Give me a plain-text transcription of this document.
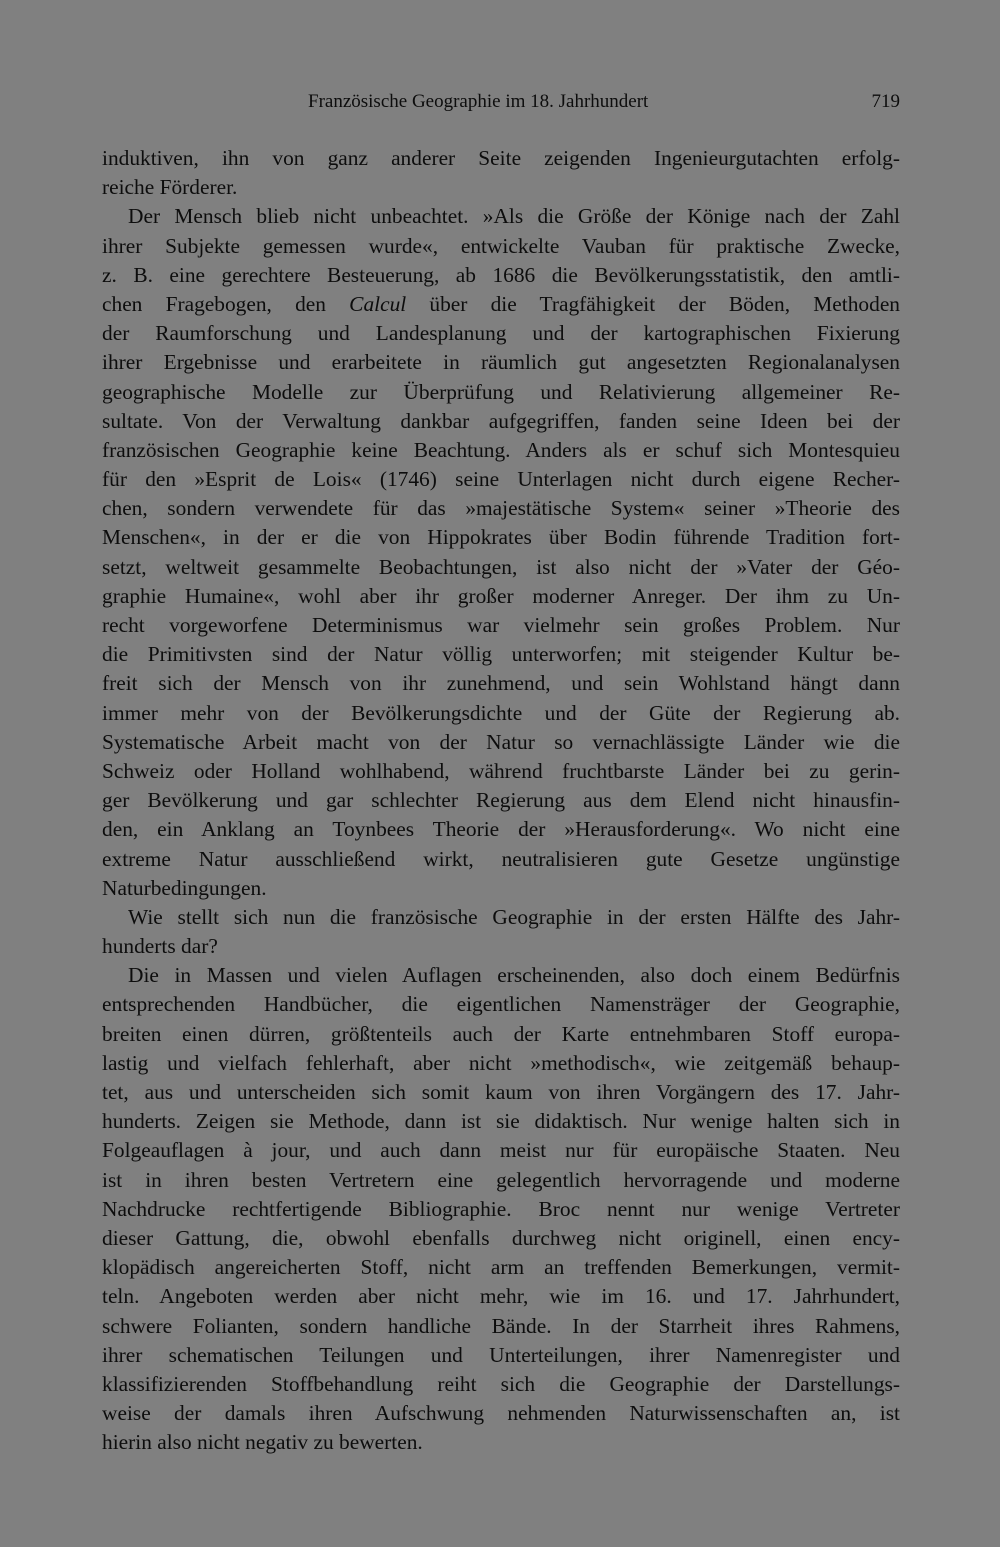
Französische Geographie im 18. Jahrhundert	719
induktiven, ihn von ganz anderer Seite zeigenden Ingenieurgutachten erfolg-
reiche Förderer.
Der Mensch blieb nicht unbeachtet. »Als die Größe der Könige nach der Zahl
ihrer Subjekte gemessen wurde«, entwickelte Vauban für praktische Zwecke,
z. B. eine gerechtere Besteuerung, ab 1686 die Bevölkerungsstatistik, den amtli-
chen Fragebogen, den Calcul über die Tragfähigkeit der Böden, Methoden
der Raumforschung und Landesplanung und der kartographischen Fixierung
ihrer Ergebnisse und erarbeitete in räumlich gut angesetzten Regionalanalysen
geographische Modelle zur Überprüfung und Relativierung allgemeiner Re-
sultate. Von der Verwaltung dankbar aufgegriffen, fanden seine Ideen bei der
französischen Geographie keine Beachtung. Anders als er schuf sich Montesquieu
für den »Esprit de Lois« (1746) seine Unterlagen nicht durch eigene Recher-
chen, sondern verwendete für das »majestätische System« seiner »Theorie des
Menschen«, in der er die von Hippokrates über Bodin führende Tradition fort-
setzt, weltweit gesammelte Beobachtungen, ist also nicht der »Vater der Géo-
graphie Humaine«, wohl aber ihr großer moderner Anreger. Der ihm zu Un-
recht vorgeworfene Determinismus war vielmehr sein großes Problem. Nur
die Primitivsten sind der Natur völlig unterworfen; mit steigender Kultur be-
freit sich der Mensch von ihr zunehmend, und sein Wohlstand hängt dann
immer mehr von der Bevölkerungsdichte und der Güte der Regierung ab.
Systematische Arbeit macht von der Natur so vernachlässigte Länder wie die
Schweiz oder Holland wohlhabend, während fruchtbarste Länder bei zu gerin-
ger Bevölkerung und gar schlechter Regierung aus dem Elend nicht hinausfin-
den, ein Anklang an Toynbees Theorie der »Herausforderung«. Wo nicht eine
extreme Natur ausschließend wirkt, neutralisieren gute Gesetze ungünstige
Naturbedingungen.
Wie stellt sich nun die französische Geographie in der ersten Hälfte des Jahr-
hunderts dar?
Die in Massen und vielen Auflagen erscheinenden, also doch einem Bedürfnis
entsprechenden Handbücher, die eigentlichen Namensträger der Geographie,
breiten einen dürren, größtenteils auch der Karte entnehmbaren Stoff europa-
lastig und vielfach fehlerhaft, aber nicht »methodisch«, wie zeitgemäß behaup-
tet, aus und unterscheiden sich somit kaum von ihren Vorgängern des 17. Jahr-
hunderts. Zeigen sie Methode, dann ist sie didaktisch. Nur wenige halten sich in
Folgeauflagen à jour, und auch dann meist nur für europäische Staaten. Neu
ist in ihren besten Vertretern eine gelegentlich hervorragende und moderne
Nachdrucke rechtfertigende Bibliographie. Broc nennt nur wenige Vertreter
dieser Gattung, die, obwohl ebenfalls durchweg nicht originell, einen ency-
klopädisch angereicherten Stoff, nicht arm an treffenden Bemerkungen, vermit-
teln. Angeboten werden aber nicht mehr, wie im 16. und 17. Jahrhundert,
schwere Folianten, sondern handliche Bände. In der Starrheit ihres Rahmens,
ihrer schematischen Teilungen und Unterteilungen, ihrer Namenregister und
klassifizierenden Stoffbehandlung reiht sich die Geographie der Darstellungs-
weise der damals ihren Aufschwung nehmenden Naturwissenschaften an, ist
hierin also nicht negativ zu bewerten.
